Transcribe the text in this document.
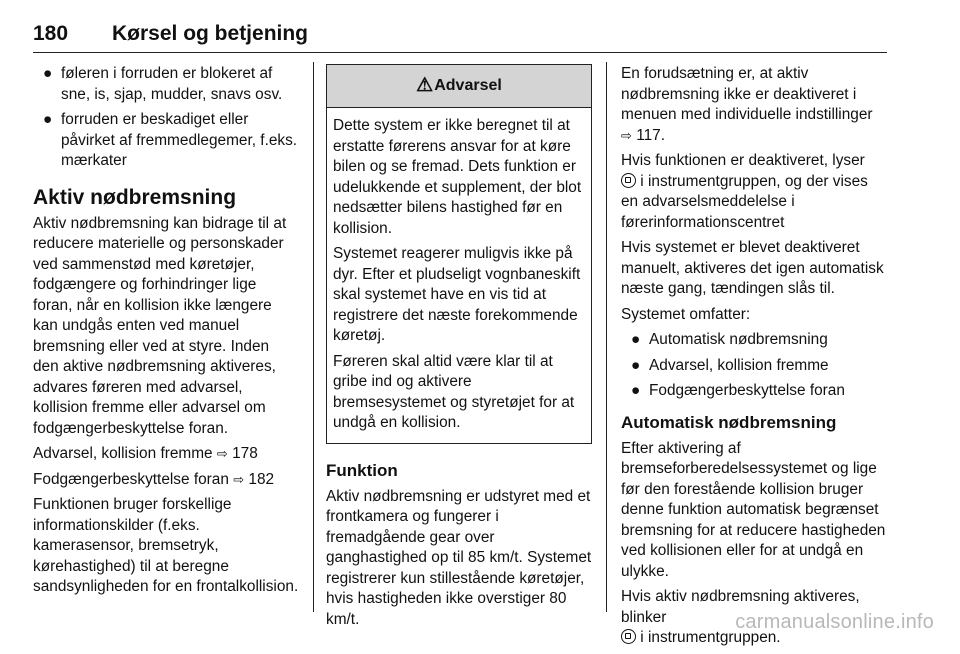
180 Kørsel og betjening
● føleren i forruden er blokeret af sne, is, sjap, mudder, snavs osv.
● forruden er beskadiget eller påvirket af fremmedlegemer, f.eks. mærkater
Aktiv nødbremsning

Aktiv nødbremsning kan bidrage til at reducere materielle og personskader ved sammenstød med køretøjer, fodgængere og forhindringer lige foran, når en kollision ikke længere kan undgås enten ved manuel bremsning eller ved at styre. Inden den aktive nødbremsning aktiveres, advares føreren med advarsel, kollision fremme eller advarsel om fodgængerbeskyttelse foran.

Advarsel, kollision fremme ⇨ 178

Fodgængerbeskyttelse foran ⇨ 182

Funktionen bruger forskellige informationskilder (f.eks. kamerasensor, bremsetryk, kørehastighed) til at beregne sandsynligheden for en frontalkollision.

⚠Advarsel

Dette system er ikke beregnet til at erstatte førerens ansvar for at køre bilen og se fremad. Dets funktion er udelukkende et supplement, der blot nedsætter bilens hastighed før en kollision.

Systemet reagerer muligvis ikke på dyr. Efter et pludseligt vognbaneskift skal systemet have en vis tid at registrere det næste forekommende køretøj.

Føreren skal altid være klar til at gribe ind og aktivere bremsesystemet og styretøjet for at undgå en kollision.

Funktion

Aktiv nødbremsning er udstyret med et frontkamera og fungerer i fremadgående gear over ganghastighed op til 85 km/t. Systemet registrerer kun stillestående køretøjer, hvis hastigheden ikke overstiger 80 km/t.

En forudsætning er, at aktiv nødbremsning ikke er deaktiveret i menuen med individuelle indstillinger
⇨ 117.

Hvis funktionen er deaktiveret, lyser
i instrumentgruppen, og der vises en advarselsmeddelelse i førerinformationscentret

Hvis systemet er blevet deaktiveret manuelt, aktiveres det igen automatisk næste gang, tændingen slås til.

Systemet omfatter:

● Automatisk nødbremsning
● Advarsel, kollision fremme
● Fodgængerbeskyttelse foran
Automatisk nødbremsning

Efter aktivering af bremseforberedelsessystemet og lige før den forestående kollision bruger denne funktion automatisk begrænset bremsning for at reducere hastigheden ved kollisionen eller for at undgå en ulykke.

Hvis aktiv nødbremsning aktiveres, blinker
i instrumentgruppen.

carmanualsonline.info
